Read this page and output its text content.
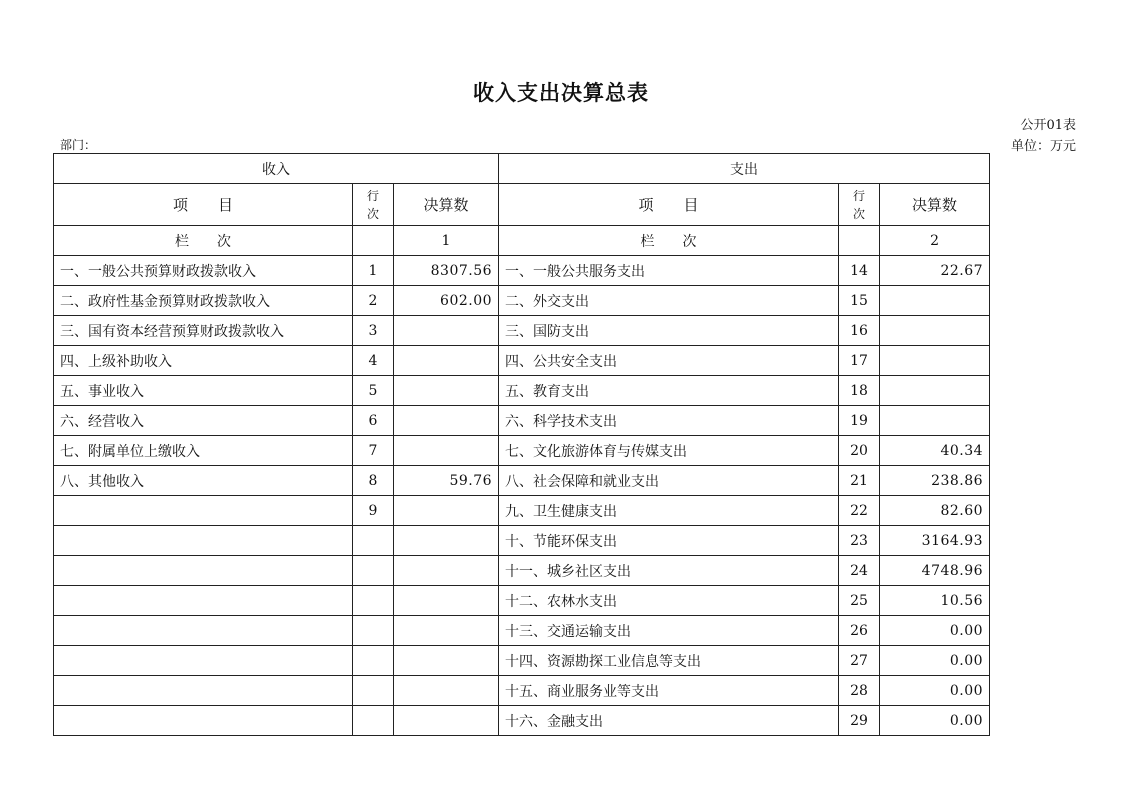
收入支出决算总表
公开01表
部门：	单位：万元
收入			支出		
项　　目	行次	决算数	项　　目	行次	决算数
栏　　次		1	栏　　次		2
一、一般公共预算财政拨款收入	1	8307.56	一、一般公共服务支出	14	22.67
二、政府性基金预算财政拨款收入	2	602.00	二、外交支出	15	
三、国有资本经营预算财政拨款收入	3		三、国防支出	16	
四、上级补助收入	4		四、公共安全支出	17	
五、事业收入	5		五、教育支出	18	
六、经营收入	6		六、科学技术支出	19	
七、附属单位上缴收入	7		七、文化旅游体育与传媒支出	20	40.34
八、其他收入	8	59.76	八、社会保障和就业支出	21	238.86
	9		九、卫生健康支出	22	82.60
			十、节能环保支出	23	3164.93
			十一、城乡社区支出	24	4748.96
			十二、农林水支出	25	10.56
			十三、交通运输支出	26	0.00
			十四、资源勘探工业信息等支出	27	0.00
			十五、商业服务业等支出	28	0.00
			十六、金融支出	29	0.00
